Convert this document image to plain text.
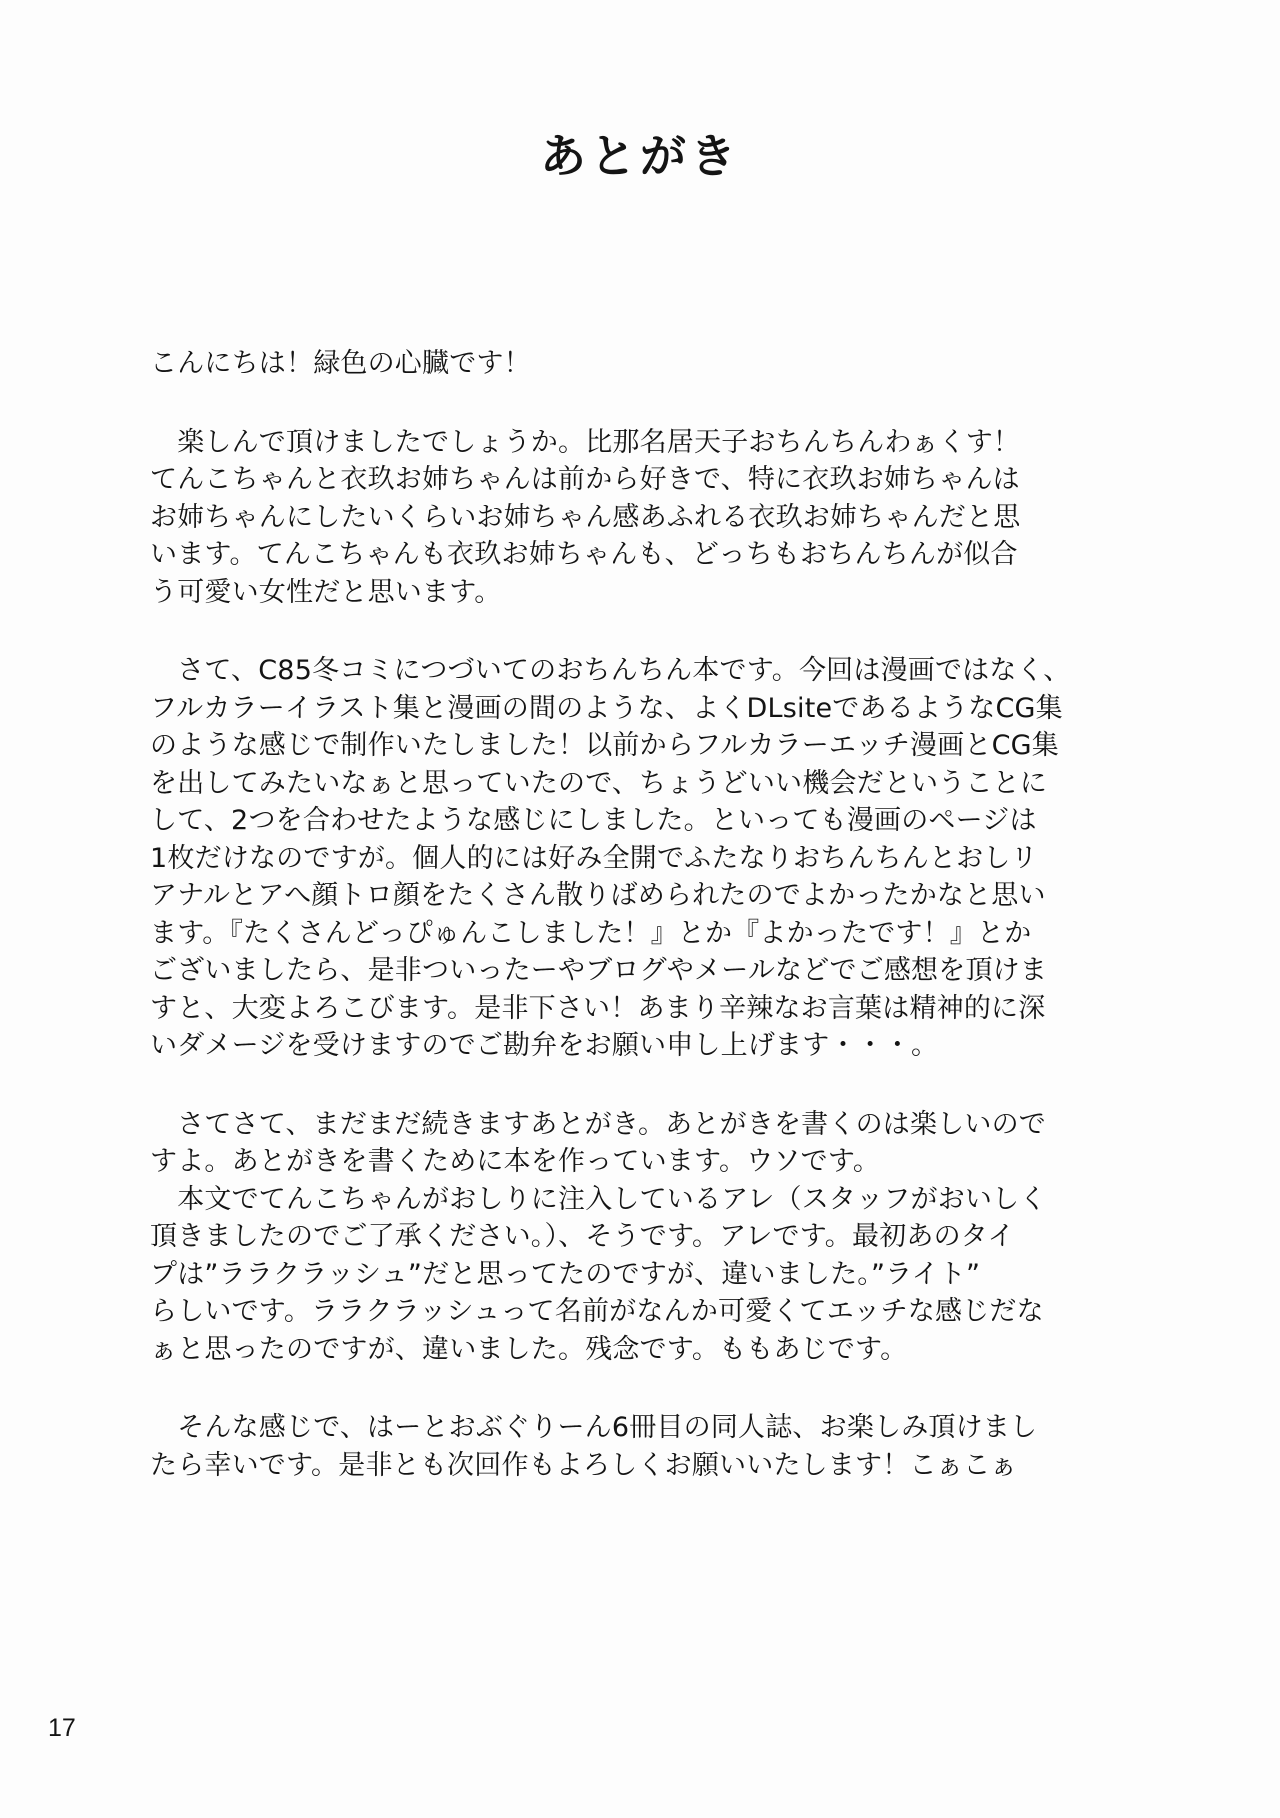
あとがき
こんにちは！緑色の心臓です！
　楽しんで頂けましたでしょうか。比那名居天子おちんちんわぁくす！
てんこちゃんと衣玖お姉ちゃんは前から好きで、特に衣玖お姉ちゃんは
お姉ちゃんにしたいくらいお姉ちゃん感あふれる衣玖お姉ちゃんだと思
います。てんこちゃんも衣玖お姉ちゃんも、どっちもおちんちんが似合
う可愛い女性だと思います。
　さて、C85冬コミにつづいてのおちんちん本です。今回は漫画ではなく、
フルカラーイラスト集と漫画の間のような、よくDLsiteであるようなCG集
のような感じで制作いたしました！以前からフルカラーエッチ漫画とCG集
を出してみたいなぁと思っていたので、ちょうどいい機会だということに
して、2つを合わせたような感じにしました。といっても漫画のページは
1枚だけなのですが。個人的には好み全開でふたなりおちんちんとおしリ
アナルとアへ顔トロ顔をたくさん散りばめられたのでよかったかなと思い
ます。『たくさんどっぴゅんこしました！』とか『よかったです！』とか
ございましたら、是非ついったーやブログやメールなどでご感想を頂けま
すと、大変よろこびます。是非下さい！あまり辛辣なお言葉は精神的に深
いダメージを受けますのでご勘弁をお願い申し上げます・・・。
　さてさて、まだまだ続きますあとがき。あとがきを書くのは楽しいので
すよ。あとがきを書くために本を作っています。ウソです。
　本文でてんこちゃんがおしりに注入しているアレ（スタッフがおいしく
頂きましたのでご了承ください。）、そうです。アレです。最初あのタイ
プは”ララクラッシュ”だと思ってたのですが、違いました。”ライト”
らしいです。ララクラッシュって名前がなんか可愛くてエッチな感じだな
ぁと思ったのですが、違いました。残念です。ももあじです。
　そんな感じで、はーとおぶぐりーん6冊目の同人誌、お楽しみ頂けまし
たら幸いです。是非とも次回作もよろしくお願いいたします！こぁこぁ
17
